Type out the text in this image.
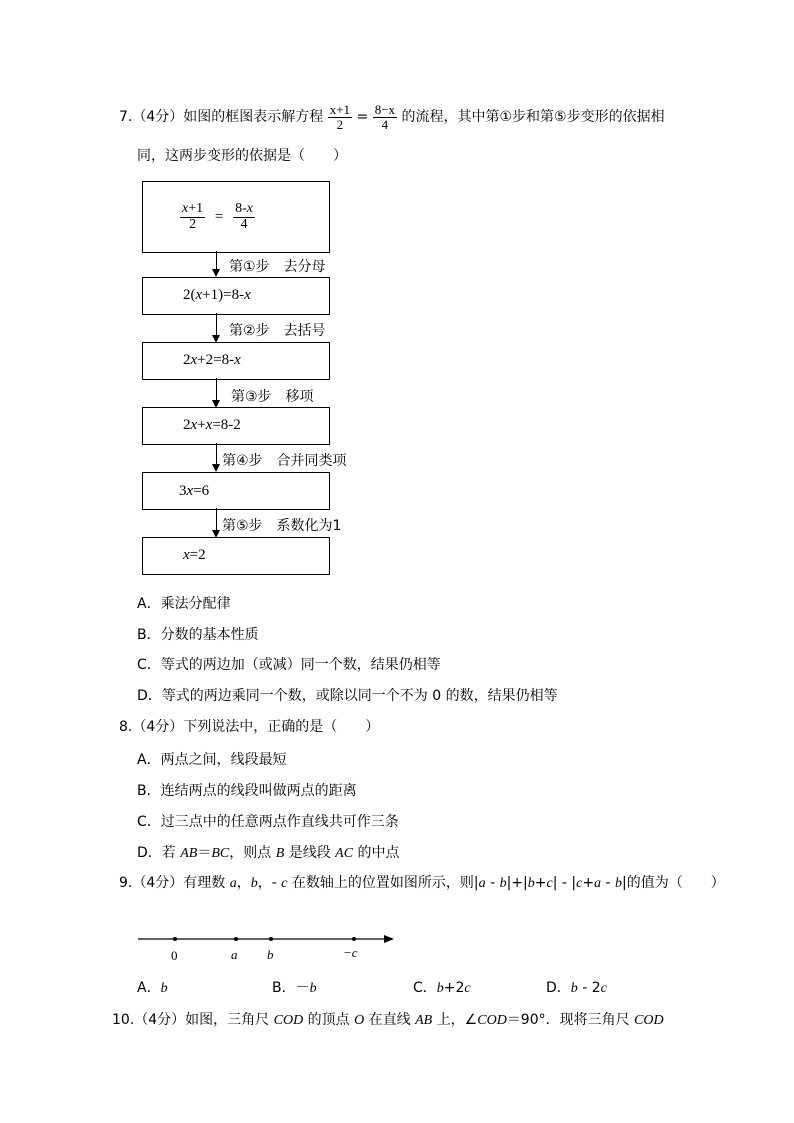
7.（4分）如图的框图表示解方程 $\frac{x+1}{2} = \frac{8-x}{4}$ 的流程，其中第①步和第⑤步变形的依据相
同，这两步变形的依据是（　　）
$\frac{x+1}{2} = \frac{8-x}{4}$
第①步　去分母
2(x+1)=8-x
第②步　去括号
2x+2=8-x
第③步　移项
2x+x=8-2
第④步　合并同类项
3x=6
第⑤步　系数化为1
x=2
A．乘法分配律
B．分数的基本性质
C．等式的两边加（或减）同一个数，结果仍相等
D．等式的两边乘同一个数，或除以同一个不为 0 的数，结果仍相等
8.（4分）下列说法中，正确的是（　　）
A．两点之间，线段最短
B．连结两点的线段叫做两点的距离
C．过三点中的任意两点作直线共可作三条
D．若 AB＝BC，则点 B 是线段 AC 的中点
9.（4分）有理数 a，b，- c 在数轴上的位置如图所示，则|a - b|+|b+c| - |c+a - b|的值为（　　）
0	a b	−c
A．b	B．－b	C．b+2c	D．b - 2c
10.（4分）如图，三角尺 COD 的顶点 O 在直线 AB 上，∠COD＝90°．现将三角尺 COD
